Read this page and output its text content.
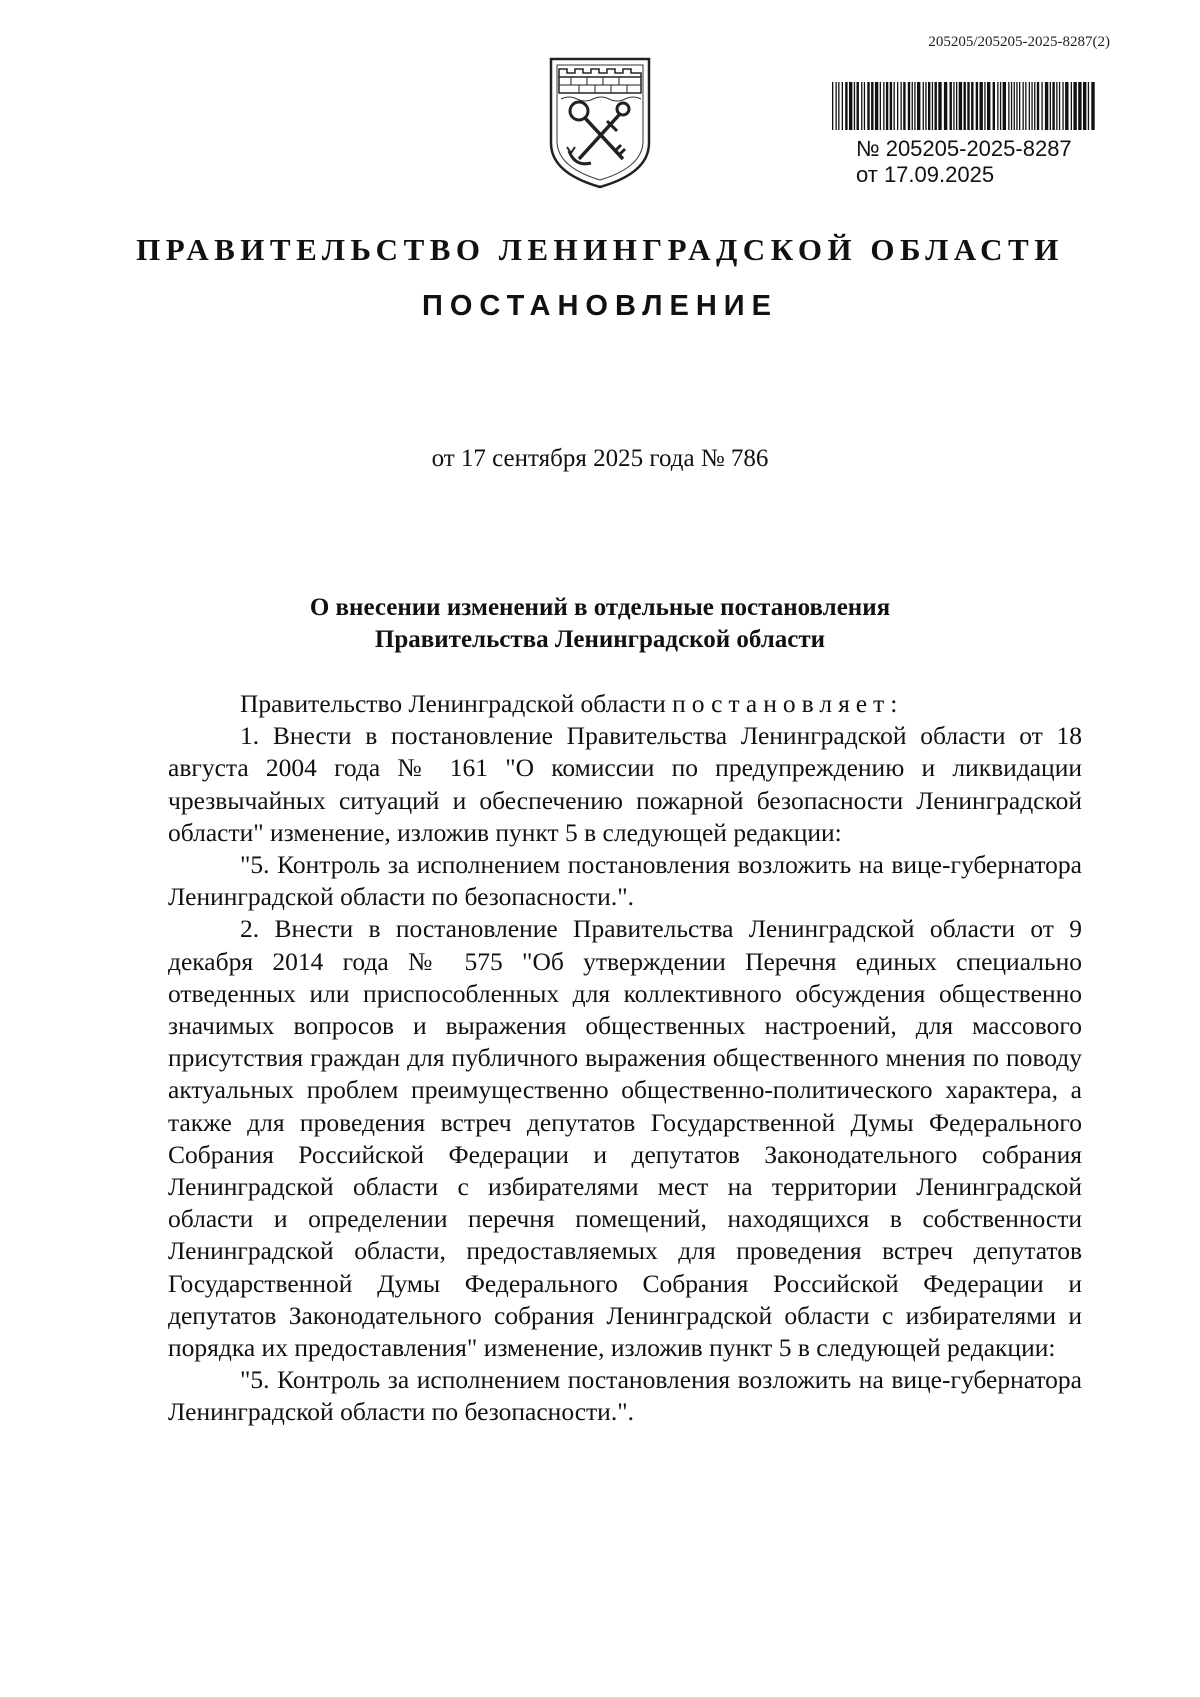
205205/205205-2025-8287(2)
№ 205205-2025-8287
от 17.09.2025
ПРАВИТЕЛЬСТВО ЛЕНИНГРАДСКОЙ ОБЛАСТИ
ПОСТАНОВЛЕНИЕ
от 17 сентября 2025 года № 786
О внесении изменений в отдельные постановления
Правительства Ленинградской области

Правительство Ленинградской области постановляет:

1. Внести в постановление Правительства Ленинградской области от 18 августа 2004 года № 161 "О комиссии по предупреждению и ликвидации чрезвычайных ситуаций и обеспечению пожарной безопасности Ленинградской области" изменение, изложив пункт 5 в следующей редакции:

"5. Контроль за исполнением постановления возложить на вице-губернатора Ленинградской области по безопасности.".

2. Внести в постановление Правительства Ленинградской области от 9 декабря 2014 года № 575 "Об утверждении Перечня единых специально отведенных или приспособленных для коллективного обсуждения общественно значимых вопросов и выражения общественных настроений, для массового присутствия граждан для публичного выражения общественного мнения по поводу актуальных проблем преимущественно общественно-политического характера, а также для проведения встреч депутатов Государственной Думы Федерального Собрания Российской Федерации и депутатов Законодательного собрания Ленинградской области с избирателями мест на территории Ленинградской области и определении перечня помещений, находящихся в собственности Ленинградской области, предоставляемых для проведения встреч депутатов Государственной Думы Федерального Собрания Российской Федерации и депутатов Законодательного собрания Ленинградской области с избирателями и порядка их предоставления" изменение, изложив пункт 5 в следующей редакции:

"5. Контроль за исполнением постановления возложить на вице-губернатора Ленинградской области по безопасности.".
